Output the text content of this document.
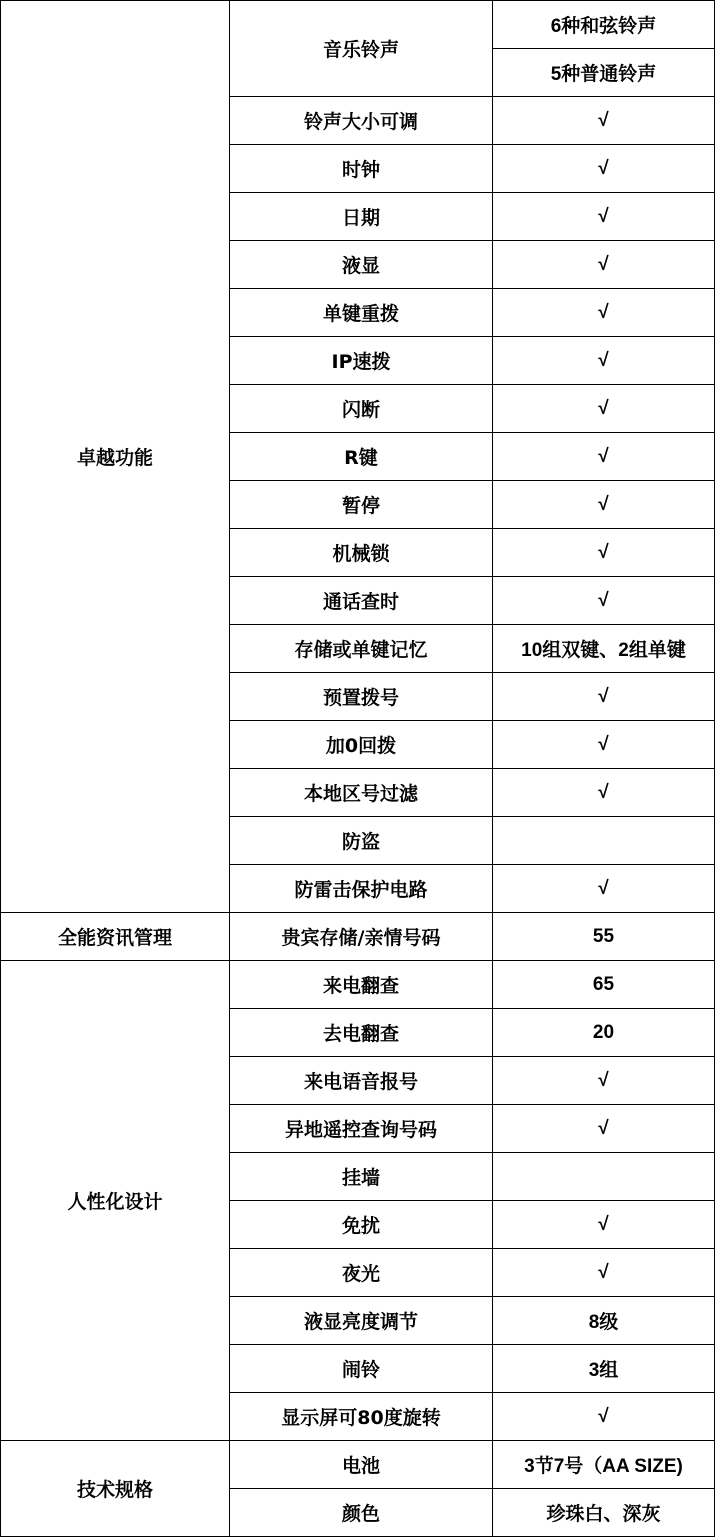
卓越功能	音乐铃声	6种和弦铃声
		5种普通铃声
	铃声大小可调	√
	时钟	√
	日期	√
	液显	√
	单键重拨	√
	IP速拨	√
	闪断	√
	R键	√
	暂停	√
	机械锁	√
	通话查时	√
	存储或单键记忆	10组双键、2组单键
	预置拨号	√
	加0回拨	√
	本地区号过滤	√
	防盗	
	防雷击保护电路	√
全能资讯管理	贵宾存储/亲情号码	55
人性化设计	来电翻查	65
	去电翻查	20
	来电语音报号	√
	异地遥控查询号码	√
	挂墙	
	免扰	√
	夜光	√
	液显亮度调节	8级
	闹铃	3组
	显示屏可80度旋转	√
技术规格	电池	3节7号（AA SIZE)
	颜色	珍珠白、深灰
